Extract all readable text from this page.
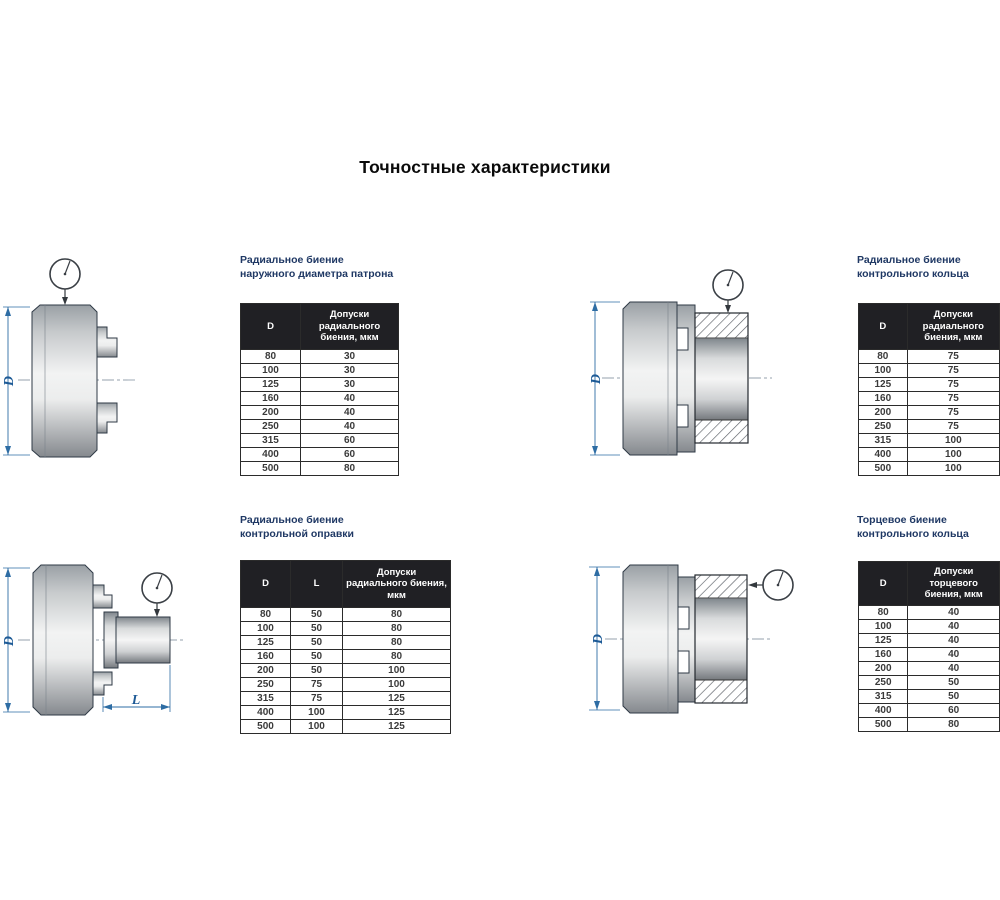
Точностные характеристики
D
Радиальное биение
наружного диаметра патрона
D	Допуски радиального биения, мкм
80	30
100	30
125	30
160	40
200	40
250	40
315	60
400	60
500	80
D
Радиальное биение
контрольного кольца
D	Допуски радиального биения, мкм
80	75
100	75
125	75
160	75
200	75
250	75
315	100
400	100
500	100
D
L
Радиальное биение
контрольной оправки
D	L	Допуски радиального биения, мкм
80	50	80
100	50	80
125	50	80
160	50	80
200	50	100
250	75	100
315	75	125
400	100	125
500	100	125
D
Торцевое биение
контрольного кольца
D	Допуски торцевого биения, мкм
80	40
100	40
125	40
160	40
200	40
250	50
315	50
400	60
500	80
